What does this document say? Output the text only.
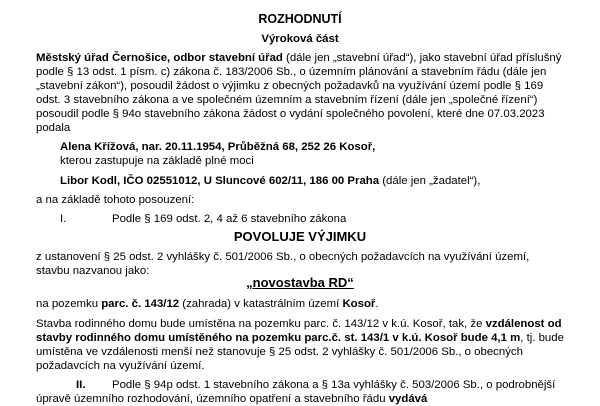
ROZHODNUTÍ
Výroková část
Městský úřad Černošice, odbor stavební úřad (dále jen „stavební úřad“), jako stavební úřad příslušný
podle § 13 odst. 1 písm. c) zákona č. 183/2006 Sb., o územním plánování a stavebním řádu (dále jen
„stavební zákon“), posoudil žádost o výjimku z obecných požadavků na využívání území podle § 169
odst. 3 stavebního zákona a ve společném územním a stavebním řízení (dále jen „společné řízení“)
posoudil podle § 94o stavebního zákona žádost o vydání společného povolení, které dne 07.03.2023
podala
Alena Křížová, nar. 20.11.1954, Průběžná 68, 252 26 Kosoř,
kterou zastupuje na základě plné moci
Libor Kodl, IČO 02551012, U Sluncové 602/11, 186 00 Praha (dále jen „žadatel“),
a na základě tohoto posouzení:
I.	Podle § 169 odst. 2, 4 až 6 stavebního zákona
POVOLUJE VÝJIMKU
z ustanovení § 25 odst. 2 vyhlášky č. 501/2006 Sb., o obecných požadavcích na využívání území,
stavbu nazvanou jako:
„novostavba RD“
na pozemku parc. č. 143/12 (zahrada) v katastrálním území Kosoř.
Stavba rodinného domu bude umístěna na pozemku parc. č. 143/12 v k.ú. Kosoř, tak, že vzdálenost od
stavby rodinného domu umístěného na pozemku parc.č. st. 143/1 v k.ú. Kosoř bude 4,1 m, tj. bude
umístěna ve vzdálenosti menší než stanovuje § 25 odst. 2 vyhlášky č. 501/2006 Sb., o obecných
požadavcích na využívání území.
II. Podle § 94p odst. 1 stavebního zákona a § 13a vyhlášky č. 503/2006 Sb., o podrobnější
úpravě územního rozhodování, územního opatření a stavebního řádu vydává
